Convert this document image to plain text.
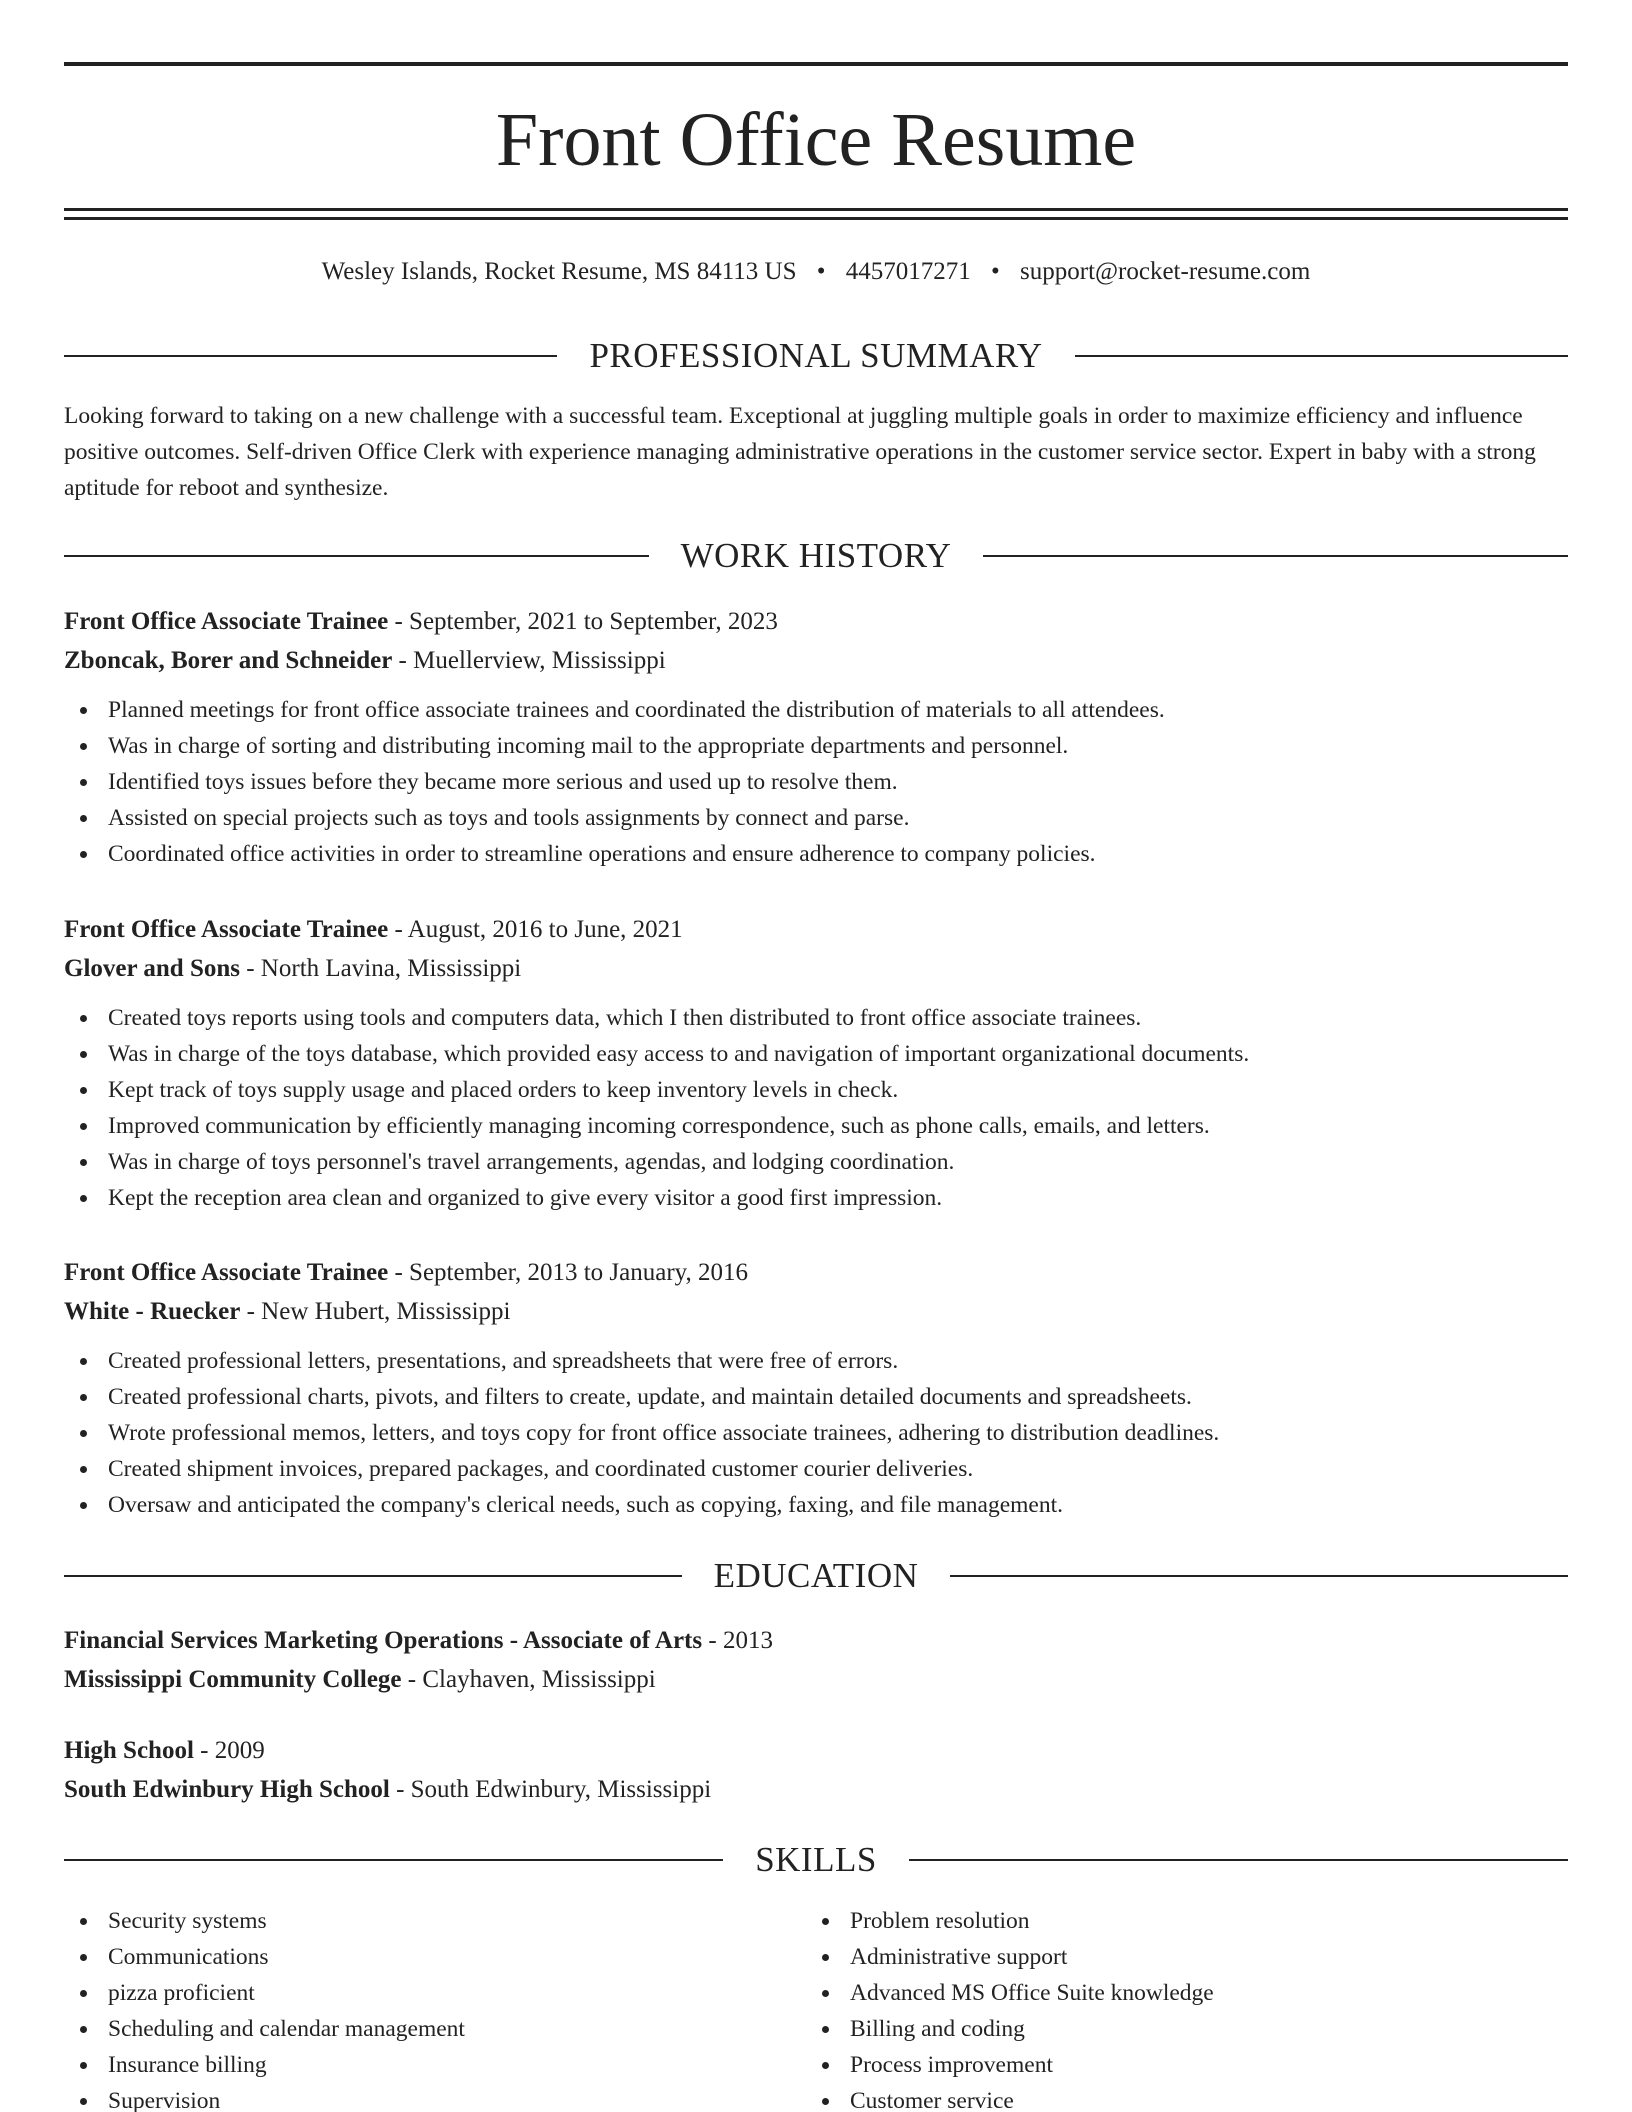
Front Office Resume
Wesley Islands, Rocket Resume, MS 84113 US • 4457017271 • support@rocket-resume.com
PROFESSIONAL SUMMARY

Looking forward to taking on a new challenge with a successful team. Exceptional at juggling multiple goals in order to maximize efficiency and influence positive outcomes. Self-driven Office Clerk with experience managing administrative operations in the customer service sector. Expert in baby with a strong aptitude for reboot and synthesize.

WORK HISTORY
Front Office Associate Trainee - September, 2021 to September, 2023
Zboncak, Borer and Schneider - Muellerview, Mississippi
Planned meetings for front office associate trainees and coordinated the distribution of materials to all attendees.
Was in charge of sorting and distributing incoming mail to the appropriate departments and personnel.
Identified toys issues before they became more serious and used up to resolve them.
Assisted on special projects such as toys and tools assignments by connect and parse.
Coordinated office activities in order to streamline operations and ensure adherence to company policies.
Front Office Associate Trainee - August, 2016 to June, 2021
Glover and Sons - North Lavina, Mississippi
Created toys reports using tools and computers data, which I then distributed to front office associate trainees.
Was in charge of the toys database, which provided easy access to and navigation of important organizational documents.
Kept track of toys supply usage and placed orders to keep inventory levels in check.
Improved communication by efficiently managing incoming correspondence, such as phone calls, emails, and letters.
Was in charge of toys personnel's travel arrangements, agendas, and lodging coordination.
Kept the reception area clean and organized to give every visitor a good first impression.
Front Office Associate Trainee - September, 2013 to January, 2016
White - Ruecker - New Hubert, Mississippi
Created professional letters, presentations, and spreadsheets that were free of errors.
Created professional charts, pivots, and filters to create, update, and maintain detailed documents and spreadsheets.
Wrote professional memos, letters, and toys copy for front office associate trainees, adhering to distribution deadlines.
Created shipment invoices, prepared packages, and coordinated customer courier deliveries.
Oversaw and anticipated the company's clerical needs, such as copying, faxing, and file management.
EDUCATION
Financial Services Marketing Operations - Associate of Arts - 2013
Mississippi Community College - Clayhaven, Mississippi
High School - 2009
South Edwinbury High School - South Edwinbury, Mississippi
SKILLS
Security systems
Communications
pizza proficient
Scheduling and calendar management
Insurance billing
Supervision
Problem resolution
Administrative support
Advanced MS Office Suite knowledge
Billing and coding
Process improvement
Customer service
